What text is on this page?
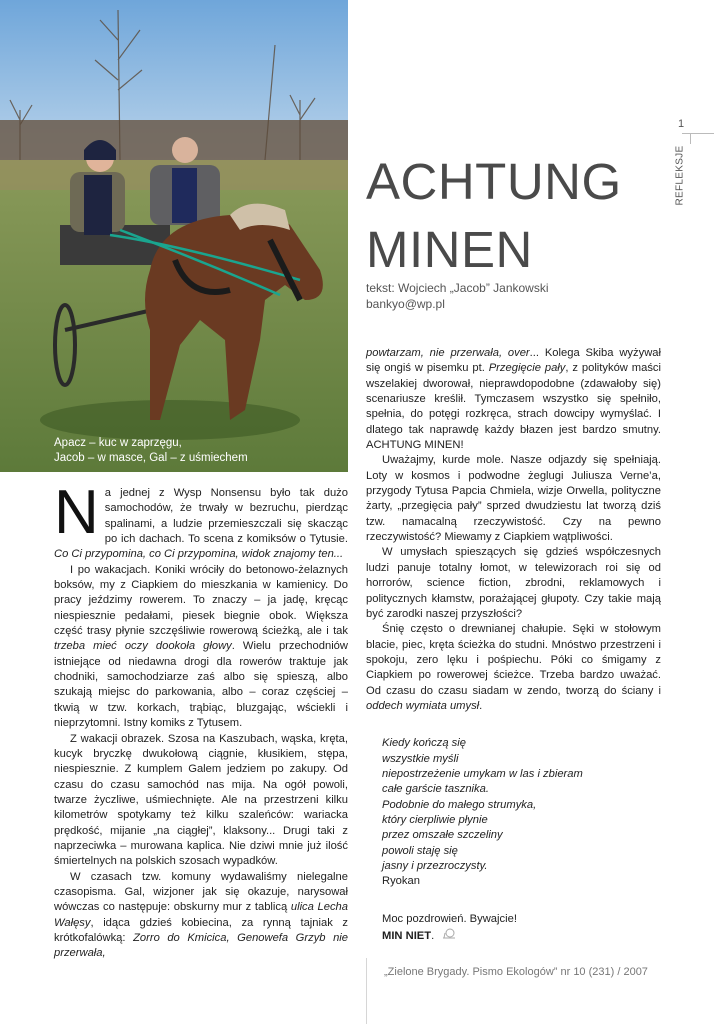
Apacz – kuc w zaprzęgu,
Jacob – w masce, Gal – z uśmiechem
1
REFLEKSJE
ACHTUNG
MINEN
tekst: Wojciech „Jacob” Jankowski
bankyo@wp.pl

Na jednej z Wysp Nonsensu było tak dużo samochodów, że trwały w bezruchu, pierdząc spalinami, a ludzie przemieszczali się skacząc po ich dachach. To scena z komiksów o Tytusie. Co Ci przypomina, co Ci przypomina, widok znajomy ten...

I po wakacjach. Koniki wróciły do betonowo-żelaznych boksów, my z Ciapkiem do mieszkania w kamienicy. Do pracy jeździmy rowerem. To znaczy – ja jadę, kręcąc niespiesznie pedałami, piesek biegnie obok. Większa część trasy płynie szczęśliwie rowerową ścieżką, ale i tak trzeba mieć oczy dookoła głowy. Wielu przechodniów istniejące od niedawna drogi dla rowerów traktuje jak chodniki, samochodziarze zaś albo się spieszą, albo szukają miejsc do parkowania, albo – coraz częściej – tkwią w tzw. korkach, trąbiąc, bluzgając, wściekli i nieprzytomni. Istny komiks z Tytusem.

Z wakacji obrazek. Szosa na Kaszubach, wąska, kręta, kucyk bryczkę dwukołową ciągnie, kłusikiem, stępa, niespiesznie. Z kumplem Galem jedziem po zakupy. Od czasu do czasu samochód nas mija. Na ogół powoli, twarze życzliwe, uśmiechnięte. Ale na przestrzeni kilku kilometrów spotykamy też kilku szaleńców: wariacka prędkość, mijanie „na ciągłej”, klaksony... Drugi taki z naprzeciwka – murowana kaplica. Nie dziwi mnie już ilość śmiertelnych na polskich szosach wypadków.

W czasach tzw. komuny wydawaliśmy nielegalne czasopisma. Gal, wizjoner jak się okazuje, narysował wówczas co następuje: obskurny mur z tablicą ulica Lecha Wałęsy, idąca gdzieś kobiecina, za rynną tajniak z krótkofalówką: Zorro do Kmicica, Genowefa Grzyb nie przerwała,

powtarzam, nie przerwała, over... Kolega Skiba wyżywał się ongiś w pisemku pt. Przegięcie pały, z polityków maści wszelakiej dworował, nieprawdopodobne (zdawałoby się) scenariusze kreślił. Tymczasem wszystko się spełniło, spełnia, do potęgi rozkręca, strach dowcipy wymyślać. I dlatego tak naprawdę każdy błazen jest bardzo smutny. ACHTUNG MINEN!

Uważajmy, kurde mole. Nasze odjazdy się spełniają. Loty w kosmos i podwodne żeglugi Juliusza Verne’a, przygody Tytusa Papcia Chmiela, wizje Orwella, polityczne żarty, „przegięcia pały” sprzed dwudziestu lat tworzą dziś tzw. namacalną rzeczywistość. Czy na pewno rzeczywistość? Miewamy z Ciapkiem wątpliwości.

W umysłach spieszących się gdzieś współczesnych ludzi panuje totalny łomot, w telewizorach roi się od horrorów, science fiction, zbrodni, reklamowych i politycznych kłamstw, porażającej głupoty. Czy takie mają być zarodki naszej przyszłości?

Śnię często o drewnianej chałupie. Sęki w stołowym blacie, piec, kręta ścieżka do studni. Mnóstwo przestrzeni i spokoju, zero lęku i pośpiechu. Póki co śmigamy z Ciapkiem po rowerowej ścieżce. Trzeba bardzo uważać. Od czasu do czasu siadam w zendo, tworzą do ściany i oddech wymiata umysł.

Kiedy kończą się
wszystkie myśli
niepostrzeżenie umykam w las i zbieram
całe garście tasznika.
Podobnie do małego strumyka,
który cierpliwie płynie
przez omszałe szczeliny
powoli staję się
jasny i przezroczysty.
Ryokan
Moc pozdrowień. Bywajcie!
MIN NIET.
„Zielone Brygady. Pismo Ekologów” nr 10 (231) / 2007
